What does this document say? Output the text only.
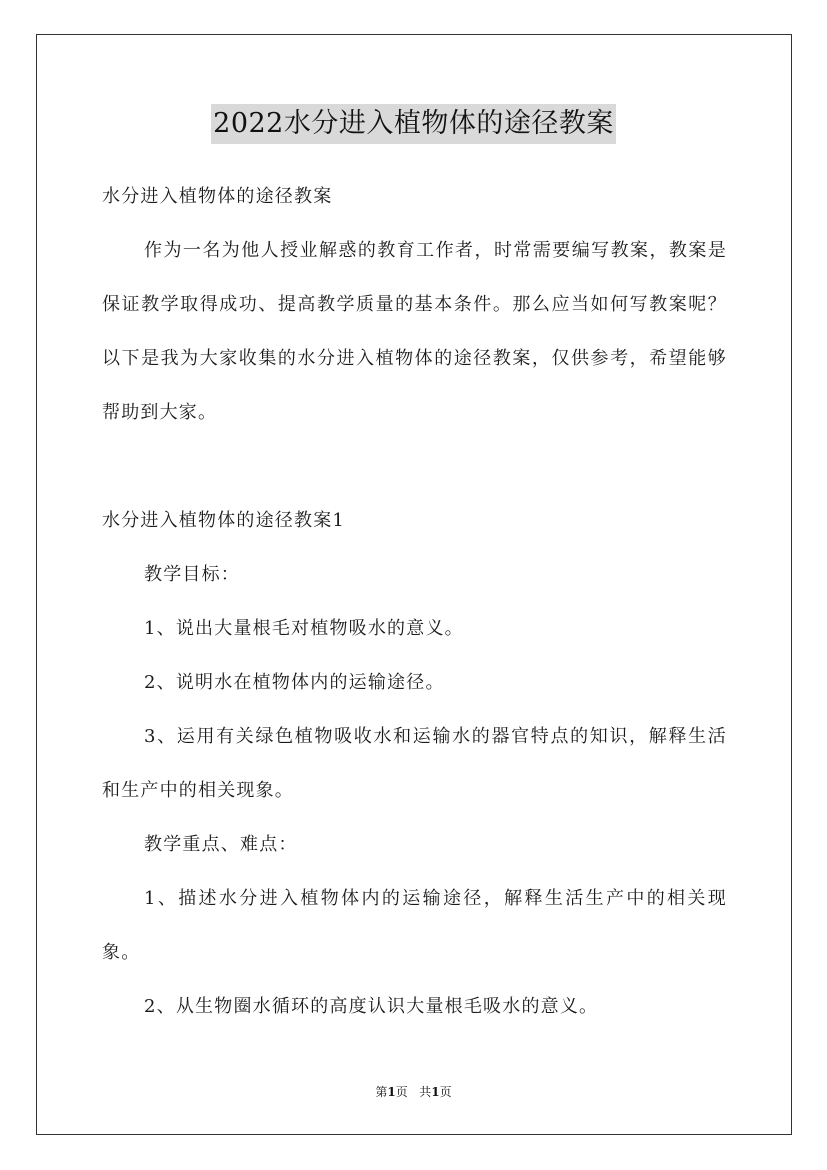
2022水分进入植物体的途径教案

水分进入植物体的途径教案

作为一名为他人授业解惑的教育工作者，时常需要编写教案，教案是保证教学取得成功、提高教学质量的基本条件。那么应当如何写教案呢？以下是我为大家收集的水分进入植物体的途径教案，仅供参考，希望能够帮助到大家。

水分进入植物体的途径教案1

教学目标：

1、说出大量根毛对植物吸水的意义。

2、说明水在植物体内的运输途径。

3、运用有关绿色植物吸收水和运输水的器官特点的知识，解释生活和生产中的相关现象。

教学重点、难点：

1、描述水分进入植物体内的运输途径，解释生活生产中的相关现象。

2、从生物圈水循环的高度认识大量根毛吸水的意义。

第1页 共1页
